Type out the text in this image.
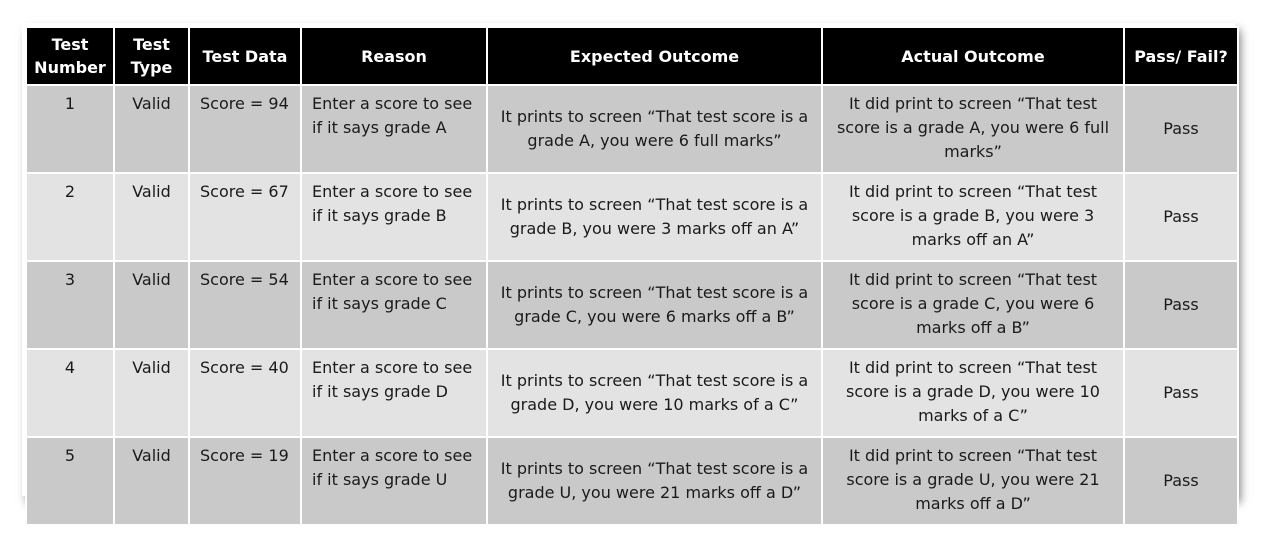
Test Number	Test Type	Test Data	Reason	Expected Outcome	Actual Outcome	Pass/ Fail?
1	Valid	Score = 94	Enter a score to see if it says grade A	It prints to screen “That test score is a grade A, you were 6 full marks”	It did print to screen “That test score is a grade A, you were 6 full marks”	Pass
2	Valid	Score = 67	Enter a score to see if it says grade B	It prints to screen “That test score is a grade B, you were 3 marks off an A”	It did print to screen “That test score is a grade B, you were 3 marks off an A”	Pass
3	Valid	Score = 54	Enter a score to see if it says grade C	It prints to screen “That test score is a grade C, you were 6 marks off a B”	It did print to screen “That test score is a grade C, you were 6 marks off a B”	Pass
4	Valid	Score = 40	Enter a score to see if it says grade D	It prints to screen “That test score is a grade D, you were 10 marks of a C”	It did print to screen “That test score is a grade D, you were 10 marks of a C”	Pass
5	Valid	Score = 19	Enter a score to see if it says grade U	It prints to screen “That test score is a grade U, you were 21 marks off a D”	It did print to screen “That test score is a grade U, you were 21 marks off a D”	Pass
